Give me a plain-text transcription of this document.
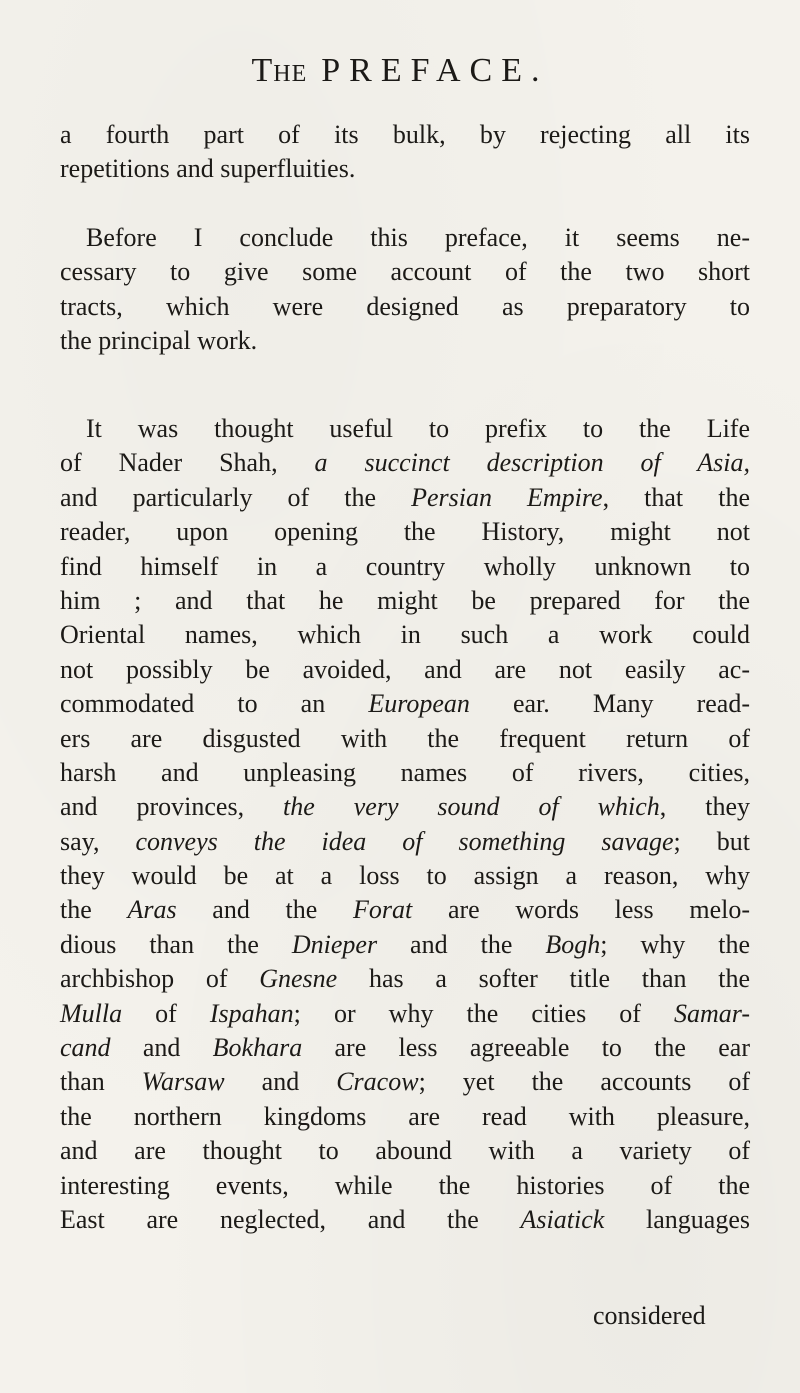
The PREFACE.
a fourth part of its bulk, by rejecting all its
repetitions and superfluities.
Before I conclude this preface, it seems ne-
cessary to give some account of the two short
tracts, which were designed as preparatory to
the principal work.
It was thought useful to prefix to the Life
of Nader Shah, a succinct description of Asia,
and particularly of the Persian Empire, that the
reader, upon opening the History, might not
find himself in a country wholly unknown to
him ; and that he might be prepared for the
Oriental names, which in such a work could
not possibly be avoided, and are not easily ac-
commodated to an European ear. Many read-
ers are disgusted with the frequent return of
harsh and unpleasing names of rivers, cities,
and provinces, the very sound of which, they
say, conveys the idea of something savage; but
they would be at a loss to assign a reason, why
the Aras and the Forat are words less melo-
dious than the Dnieper and the Bogh; why the
archbishop of Gnesne has a softer title than the
Mulla of Ispahan; or why the cities of Samar-
cand and Bokhara are less agreeable to the ear
than Warsaw and Cracow; yet the accounts of
the northern kingdoms are read with pleasure,
and are thought to abound with a variety of
interesting events, while the histories of the
East are neglected, and the Asiatick languages
considered
